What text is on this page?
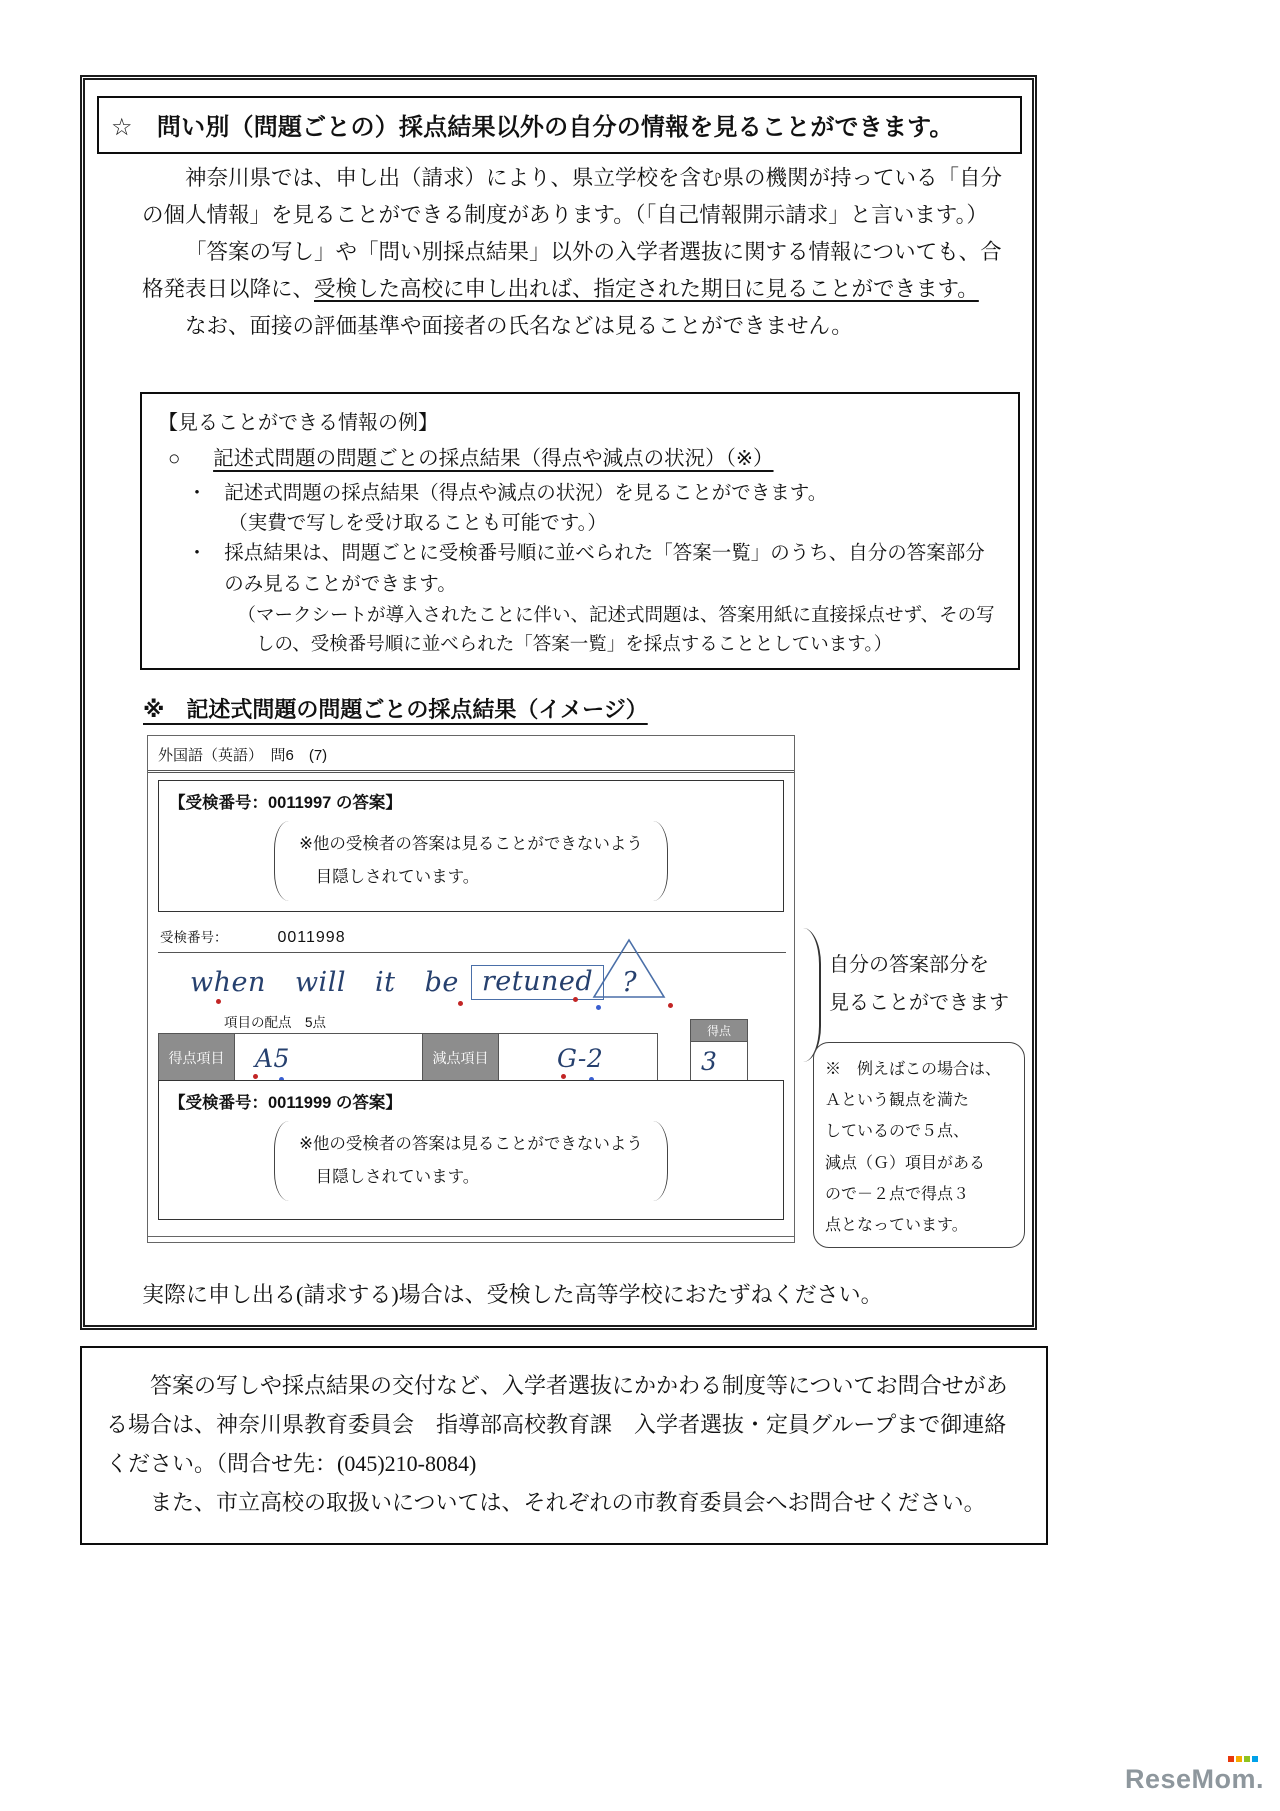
☆　問い別（問題ごとの）採点結果以外の自分の情報を見ることができます。

神奈川県では、申し出（請求）により、県立学校を含む県の機関が持っている「自分の個人情報」を見ることができる制度があります。（「自己情報開示請求」と言います。）

「答案の写し」や「問い別採点結果」以外の入学者選抜に関する情報についても、合格発表日以降に、受検した高校に申し出れば、指定された期日に見ることができます。

なお、面接の評価基準や面接者の氏名などは見ることができません。

【見ることができる情報の例】
○ 記述式問題の問題ごとの採点結果（得点や減点の状況）（※）
・ 記述式問題の採点結果（得点や減点の状況）を見ることができます。
（実費で写しを受け取ることも可能です。）
・ 採点結果は、問題ごとに受検番号順に並べられた「答案一覧」のうち、自分の答案部分のみ見ることができます。
（マークシートが導入されたことに伴い、記述式問題は、答案用紙に直接採点せず、その写しの、受検番号順に並べられた「答案一覧」を採点することとしています。）
※　記述式問題の問題ごとの採点結果（イメージ）
外国語（英語）　問6　(7)
【受検番号：0011997 の答案】
※他の受検者の答案は見ることができないよう
目隠しされています。
受検番号：	0011998
when will it be retuned	?
項目の配点　5点
得点項目	A5	減点項目	G-2
得点
3
【受検番号：0011999 の答案】
※他の受検者の答案は見ることができないよう
目隠しされています。
自分の答案部分を
見ることができます
※　例えばこの場合は、
Ａという観点を満た
しているので５点、
減点（Ｇ）項目がある
ので－２点で得点３
点となっています。
実際に申し出る(請求する)場合は、受検した高等学校におたずねください。

答案の写しや採点結果の交付など、入学者選抜にかかわる制度等についてお問合せがある場合は、神奈川県教育委員会　指導部高校教育課　入学者選抜・定員グループまで御連絡ください。（問合せ先：(045)210-8084)

また、市立高校の取扱いについては、それぞれの市教育委員会へお問合せください。

ReseMom.
